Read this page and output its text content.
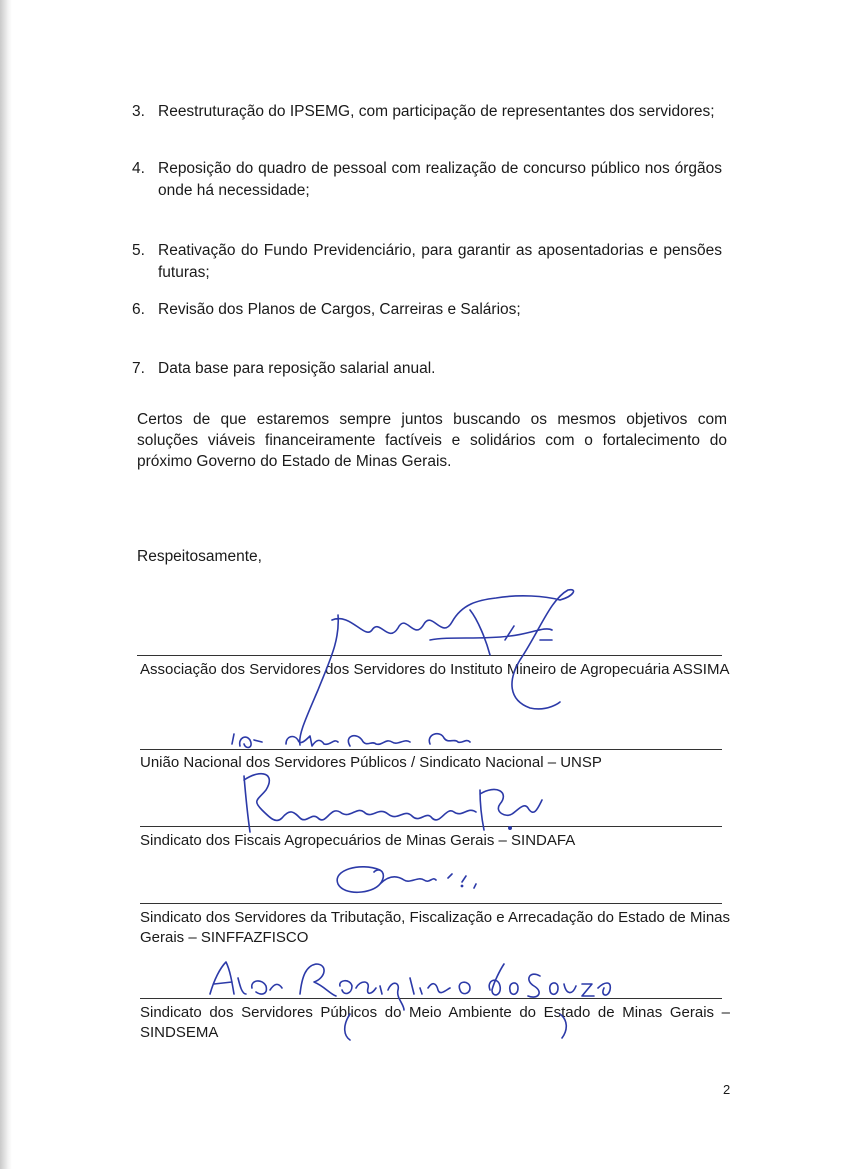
3. Reestruturação do IPSEMG, com participação de representantes dos servidores;
4. Reposição do quadro de pessoal com realização de concurso público nos órgãos onde há necessidade;
5. Reativação do Fundo Previdenciário, para garantir as aposentadorias e pensões futuras;
6. Revisão dos Planos de Cargos, Carreiras e Salários;
7. Data base para reposição salarial anual.
Certos de que estaremos sempre juntos buscando os mesmos objetivos com soluções viáveis financeiramente factíveis e solidários com o fortalecimento do próximo Governo do Estado de Minas Gerais.
Respeitosamente,
Associação dos Servidores dos Servidores do Instituto Mineiro de Agropecuária ASSIMA
União Nacional dos Servidores Públicos / Sindicato Nacional – UNSP
Sindicato dos Fiscais Agropecuários de Minas Gerais – SINDAFA
Sindicato dos Servidores da Tributação, Fiscalização e Arrecadação do Estado de Minas Gerais – SINFFAZFISCO
Sindicato dos Servidores Públicos do Meio Ambiente do Estado de Minas Gerais – SINDSEMA
2
